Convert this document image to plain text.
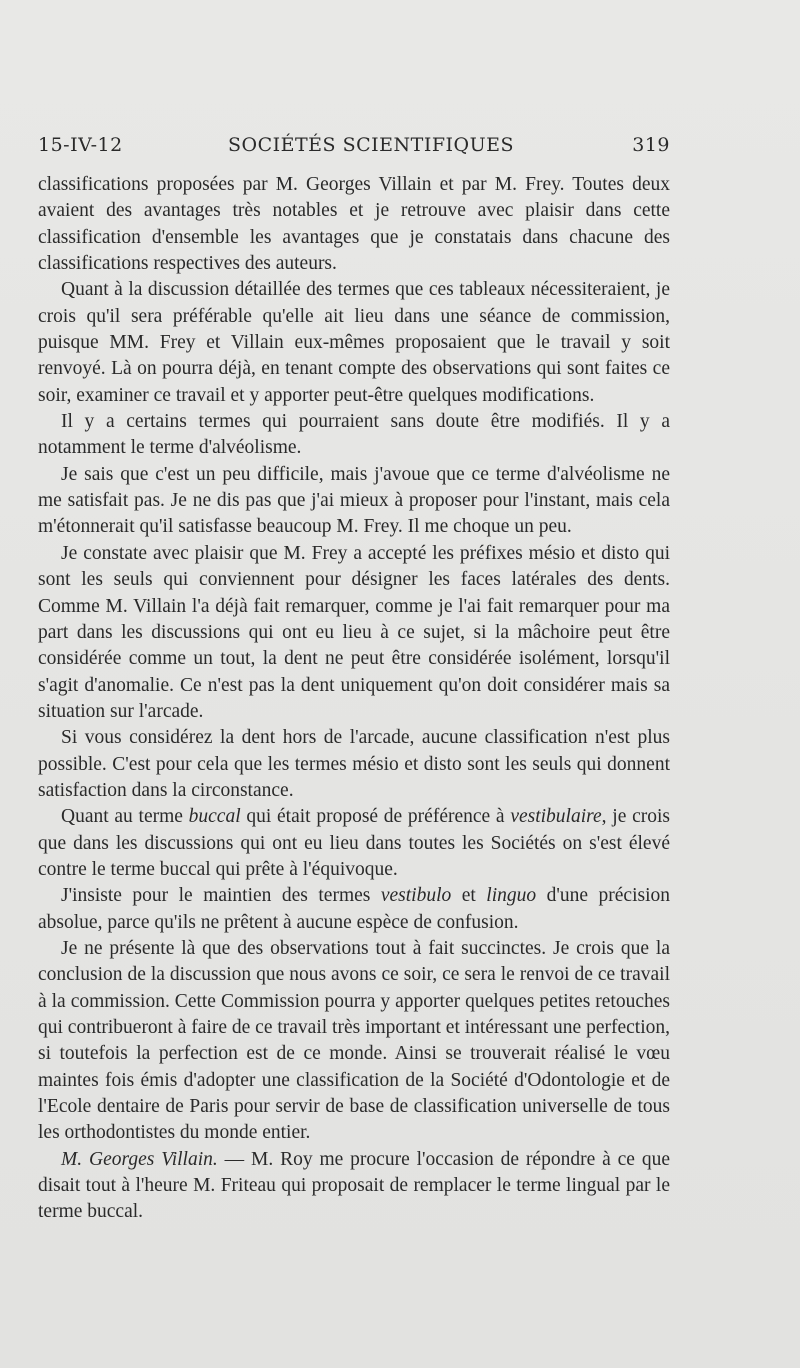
15-IV-12	SOCIÉTÉS SCIENTIFIQUES	319

classifications proposées par M. Georges Villain et par M. Frey. Toutes deux avaient des avantages très notables et je retrouve avec plaisir dans cette classification d'ensemble les avantages que je constatais dans chacune des classifications respectives des auteurs.

Quant à la discussion détaillée des termes que ces tableaux nécessiteraient, je crois qu'il sera préférable qu'elle ait lieu dans une séance de commission, puisque MM. Frey et Villain eux-mêmes proposaient que le travail y soit renvoyé. Là on pourra déjà, en tenant compte des observations qui sont faites ce soir, examiner ce travail et y apporter peut-être quelques modifications.

Il y a certains termes qui pourraient sans doute être modifiés. Il y a notamment le terme d'alvéolisme.

Je sais que c'est un peu difficile, mais j'avoue que ce terme d'alvéolisme ne me satisfait pas. Je ne dis pas que j'ai mieux à proposer pour l'instant, mais cela m'étonnerait qu'il satisfasse beaucoup M. Frey. Il me choque un peu.

Je constate avec plaisir que M. Frey a accepté les préfixes mésio et disto qui sont les seuls qui conviennent pour désigner les faces latérales des dents. Comme M. Villain l'a déjà fait remarquer, comme je l'ai fait remarquer pour ma part dans les discussions qui ont eu lieu à ce sujet, si la mâchoire peut être considérée comme un tout, la dent ne peut être considérée isolément, lorsqu'il s'agit d'anomalie. Ce n'est pas la dent uniquement qu'on doit considérer mais sa situation sur l'arcade.

Si vous considérez la dent hors de l'arcade, aucune classification n'est plus possible. C'est pour cela que les termes mésio et disto sont les seuls qui donnent satisfaction dans la circonstance.

Quant au terme buccal qui était proposé de préférence à vestibulaire, je crois que dans les discussions qui ont eu lieu dans toutes les Sociétés on s'est élevé contre le terme buccal qui prête à l'équivoque.

J'insiste pour le maintien des termes vestibulo et linguo d'une précision absolue, parce qu'ils ne prêtent à aucune espèce de confusion.

Je ne présente là que des observations tout à fait succinctes. Je crois que la conclusion de la discussion que nous avons ce soir, ce sera le renvoi de ce travail à la commission. Cette Commission pourra y apporter quelques petites retouches qui contribueront à faire de ce travail très important et intéressant une perfection, si toutefois la perfection est de ce monde. Ainsi se trouverait réalisé le vœu maintes fois émis d'adopter une classification de la Société d'Odontologie et de l'Ecole dentaire de Paris pour servir de base de classification universelle de tous les orthodontistes du monde entier.

M. Georges Villain. — M. Roy me procure l'occasion de répondre à ce que disait tout à l'heure M. Friteau qui proposait de remplacer le terme lingual par le terme buccal.
